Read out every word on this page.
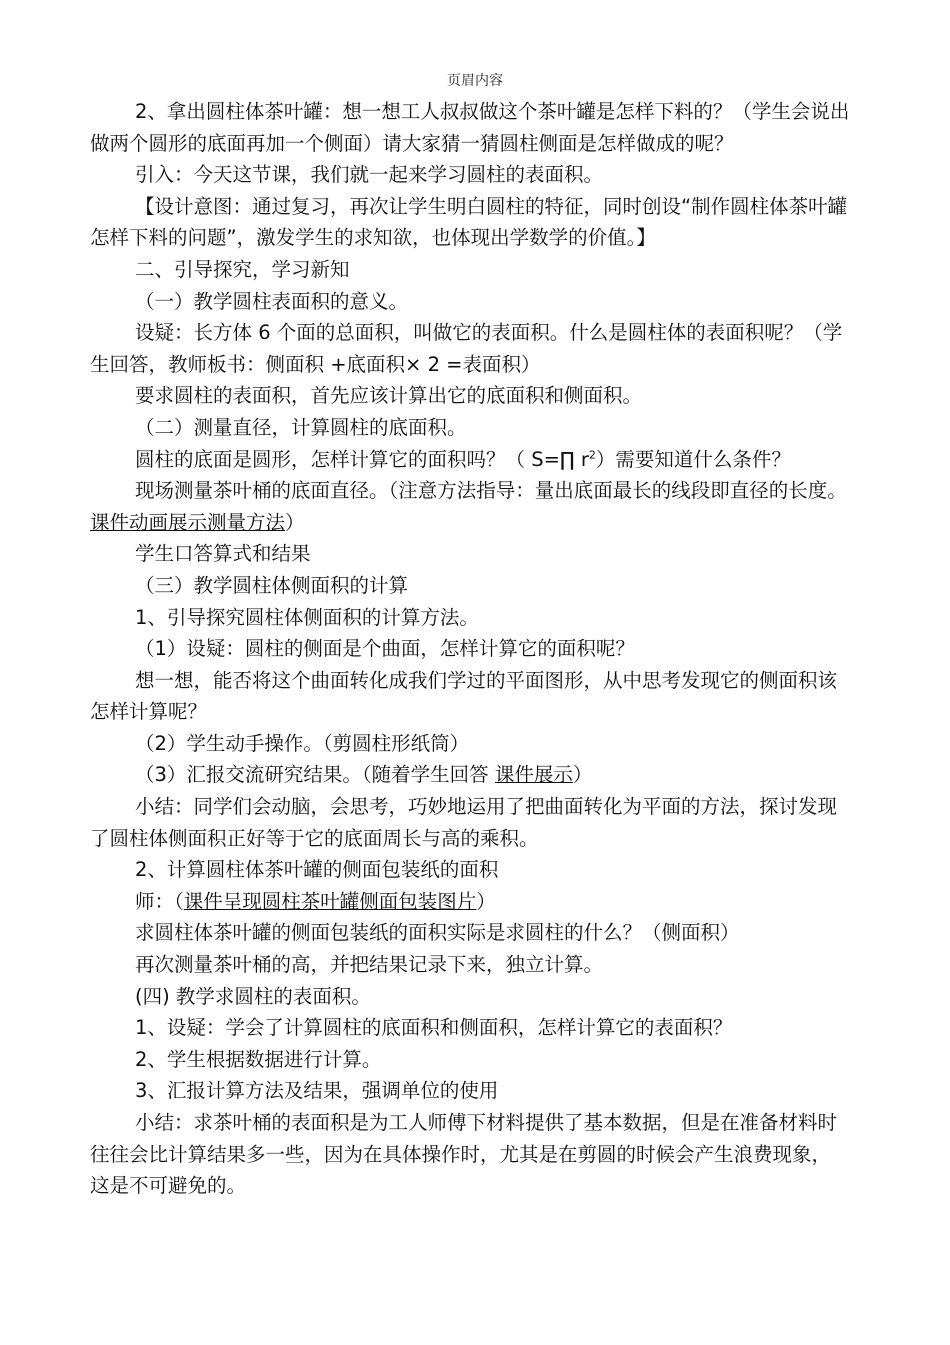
页眉内容

2、拿出圆柱体茶叶罐：想一想工人叔叔做这个茶叶罐是怎样下料的？（学生会说出做两个圆形的底面再加一个侧面）请大家猜一猜圆柱侧面是怎样做成的呢？

引入：今天这节课，我们就一起来学习圆柱的表面积。

【设计意图：通过复习，再次让学生明白圆柱的特征，同时创设“制作圆柱体茶叶罐怎样下料的问题”，激发学生的求知欲，也体现出学数学的价值。】

二、引导探究，学习新知

（一）教学圆柱表面积的意义。

设疑：长方体 6 个面的总面积，叫做它的表面积。什么是圆柱体的表面积呢？（学生回答，教师板书：侧面积 +底面积× 2 =表面积）

要求圆柱的表面积，首先应该计算出它的底面积和侧面积。

（二）测量直径，计算圆柱的底面积。

圆柱的底面是圆形，怎样计算它的面积吗？（ S=∏ $r^2$）需要知道什么条件？

现场测量茶叶桶的底面直径。（注意方法指导：量出底面最长的线段即直径的长度。课件动画展示测量方法）

学生口答算式和结果

（三）教学圆柱体侧面积的计算

1、引导探究圆柱体侧面积的计算方法。

（1）设疑：圆柱的侧面是个曲面，怎样计算它的面积呢？

想一想，能否将这个曲面转化成我们学过的平面图形，从中思考发现它的侧面积该怎样计算呢？

（2）学生动手操作。（剪圆柱形纸筒）

（3）汇报交流研究结果。（随着学生回答 课件展示）

小结：同学们会动脑，会思考，巧妙地运用了把曲面转化为平面的方法，探讨发现了圆柱体侧面积正好等于它的底面周长与高的乘积。

2、计算圆柱体茶叶罐的侧面包装纸的面积

师：（课件呈现圆柱茶叶罐侧面包装图片）

求圆柱体茶叶罐的侧面包装纸的面积实际是求圆柱的什么？（侧面积）

再次测量茶叶桶的高，并把结果记录下来，独立计算。

(四) 教学求圆柱的表面积。

1、设疑：学会了计算圆柱的底面积和侧面积，怎样计算它的表面积？

2、学生根据数据进行计算。

3、汇报计算方法及结果，强调单位的使用

小结：求茶叶桶的表面积是为工人师傅下材料提供了基本数据，但是在准备材料时往往会比计算结果多一些，因为在具体操作时，尤其是在剪圆的时候会产生浪费现象，这是不可避免的。
